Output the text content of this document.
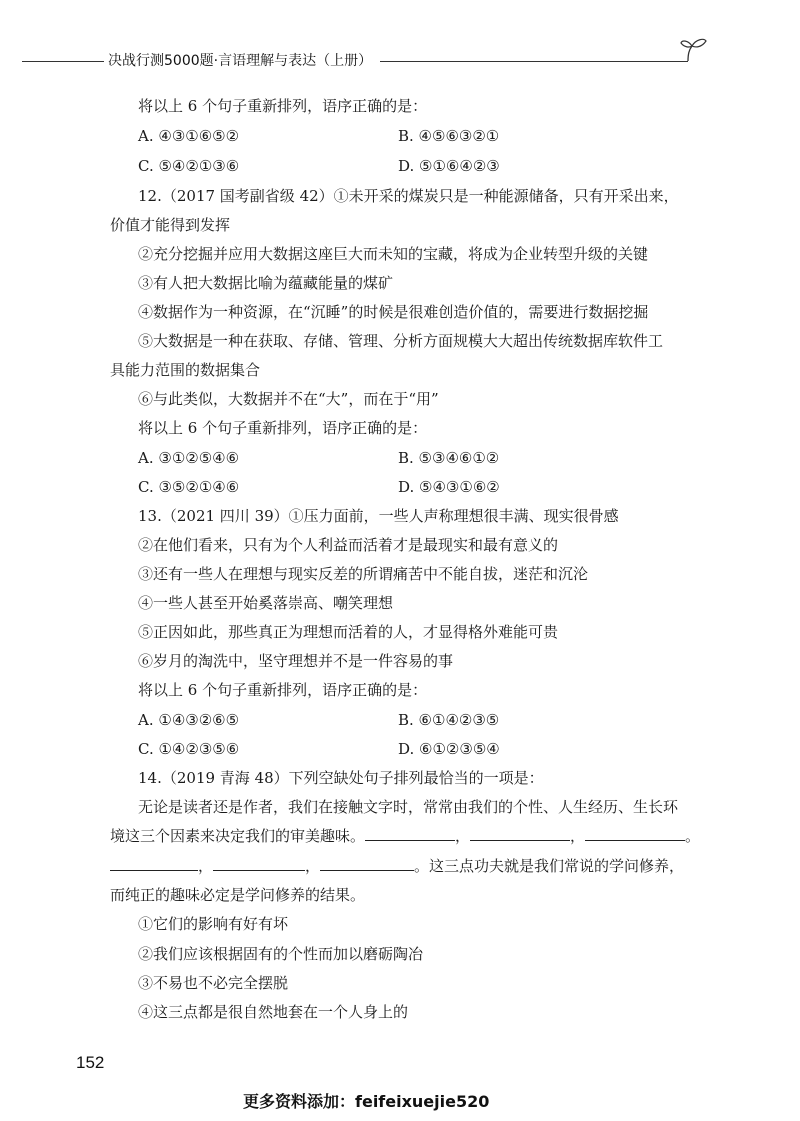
决战行测5000题·言语理解与表达（上册）
将以上 6 个句子重新排列，语序正确的是：
A. ④③①⑥⑤②	B. ④⑤⑥③②①
C. ⑤④②①③⑥	D. ⑤①⑥④②③
12.（2017 国考副省级 42）①未开采的煤炭只是一种能源储备，只有开采出来，
价值才能得到发挥
②充分挖掘并应用大数据这座巨大而未知的宝藏，将成为企业转型升级的关键
③有人把大数据比喻为蕴藏能量的煤矿
④数据作为一种资源，在“沉睡”的时候是很难创造价值的，需要进行数据挖掘
⑤大数据是一种在获取、存储、管理、分析方面规模大大超出传统数据库软件工
具能力范围的数据集合
⑥与此类似，大数据并不在“大”，而在于“用”
将以上 6 个句子重新排列，语序正确的是：
A. ③①②⑤④⑥	B. ⑤③④⑥①②
C. ③⑤②①④⑥	D. ⑤④③①⑥②
13.（2021 四川 39）①压力面前，一些人声称理想很丰满、现实很骨感
②在他们看来，只有为个人利益而活着才是最现实和最有意义的
③还有一些人在理想与现实反差的所谓痛苦中不能自拔，迷茫和沉沦
④一些人甚至开始奚落崇高、嘲笑理想
⑤正因如此，那些真正为理想而活着的人，才显得格外难能可贵
⑥岁月的淘洗中，坚守理想并不是一件容易的事
将以上 6 个句子重新排列，语序正确的是：
A. ①④③②⑥⑤	B. ⑥①④②③⑤
C. ①④②③⑤⑥	D. ⑥①②③⑤④
14.（2019 青海 48）下列空缺处句子排列最恰当的一项是：
无论是读者还是作者，我们在接触文字时，常常由我们的个性、人生经历、生长环
境这三个因素来决定我们的审美趣味。	，	，	。
，	，	。这三点功夫就是我们常说的学问修养，
而纯正的趣味必定是学问修养的结果。
①它们的影响有好有坏
②我们应该根据固有的个性而加以磨砺陶冶
③不易也不必完全摆脱
④这三点都是很自然地套在一个人身上的
152
更多资料添加：feifeixuejie520
